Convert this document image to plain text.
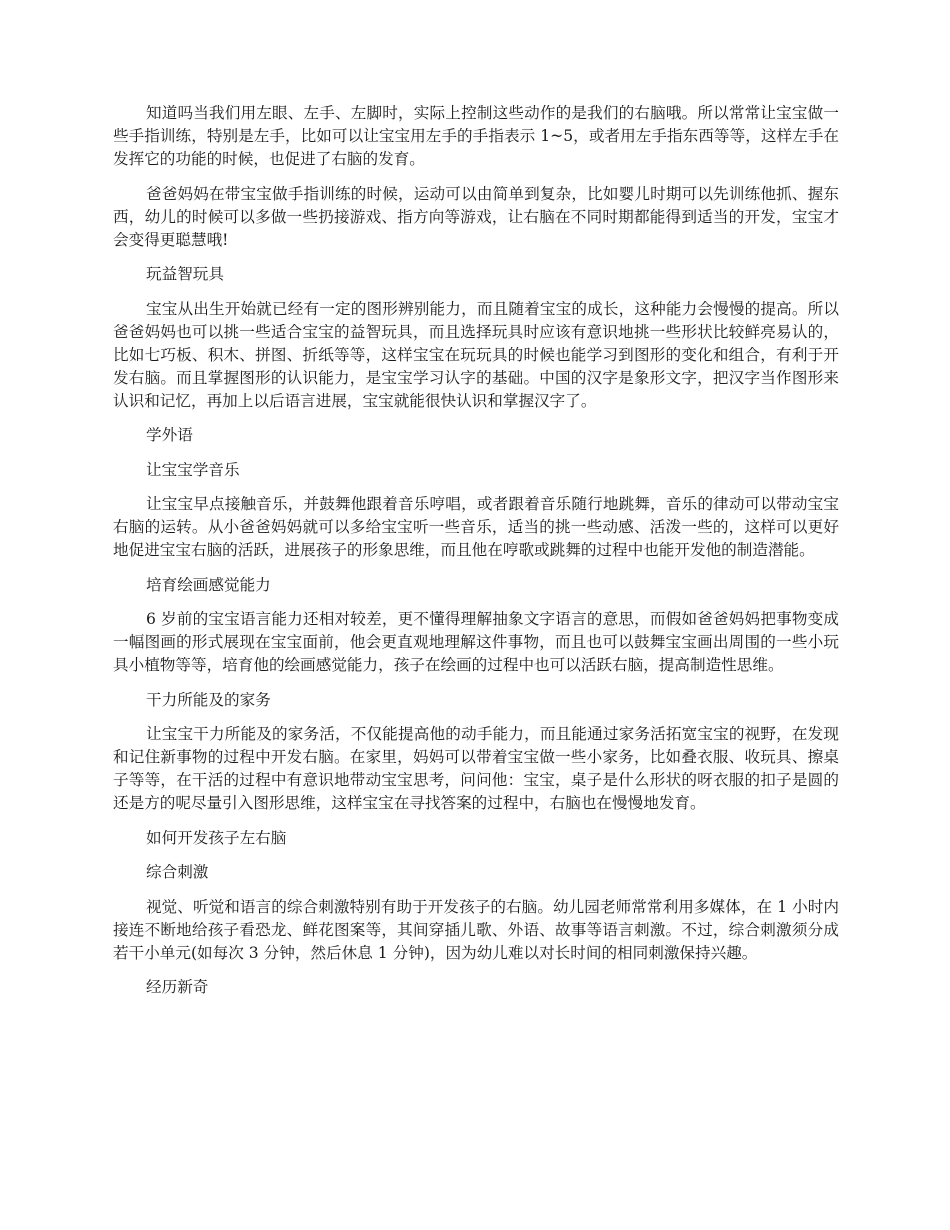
知道吗当我们用左眼、左手、左脚时，实际上控制这些动作的是我们的右脑哦。所以常常让宝宝做一些手指训练，特别是左手，比如可以让宝宝用左手的手指表示 1~5，或者用左手指东西等等，这样左手在发挥它的功能的时候，也促进了右脑的发育。

爸爸妈妈在带宝宝做手指训练的时候，运动可以由简单到复杂，比如婴儿时期可以先训练他抓、握东西，幼儿的时候可以多做一些扔接游戏、指方向等游戏，让右脑在不同时期都能得到适当的开发，宝宝才会变得更聪慧哦!

玩益智玩具

宝宝从出生开始就已经有一定的图形辨别能力，而且随着宝宝的成长，这种能力会慢慢的提高。所以爸爸妈妈也可以挑一些适合宝宝的益智玩具，而且选择玩具时应该有意识地挑一些形状比较鲜亮易认的，比如七巧板、积木、拼图、折纸等等，这样宝宝在玩玩具的时候也能学习到图形的变化和组合，有利于开发右脑。而且掌握图形的认识能力，是宝宝学习认字的基础。中国的汉字是象形文字，把汉字当作图形来认识和记忆，再加上以后语言进展，宝宝就能很快认识和掌握汉字了。

学外语

让宝宝学音乐

让宝宝早点接触音乐，并鼓舞他跟着音乐哼唱，或者跟着音乐随行地跳舞，音乐的律动可以带动宝宝右脑的运转。从小爸爸妈妈就可以多给宝宝听一些音乐，适当的挑一些动感、活泼一些的，这样可以更好地促进宝宝右脑的活跃，进展孩子的形象思维，而且他在哼歌或跳舞的过程中也能开发他的制造潜能。

培育绘画感觉能力

6 岁前的宝宝语言能力还相对较差，更不懂得理解抽象文字语言的意思，而假如爸爸妈妈把事物变成一幅图画的形式展现在宝宝面前，他会更直观地理解这件事物，而且也可以鼓舞宝宝画出周围的一些小玩具小植物等等，培育他的绘画感觉能力，孩子在绘画的过程中也可以活跃右脑，提高制造性思维。

干力所能及的家务

让宝宝干力所能及的家务活，不仅能提高他的动手能力，而且能通过家务活拓宽宝宝的视野，在发现和记住新事物的过程中开发右脑。在家里，妈妈可以带着宝宝做一些小家务，比如叠衣服、收玩具、擦桌子等等，在干活的过程中有意识地带动宝宝思考，问问他：宝宝，桌子是什么形状的呀衣服的扣子是圆的还是方的呢尽量引入图形思维，这样宝宝在寻找答案的过程中，右脑也在慢慢地发育。

如何开发孩子左右脑

综合刺激

视觉、听觉和语言的综合刺激特别有助于开发孩子的右脑。幼儿园老师常常利用多媒体，在 1 小时内接连不断地给孩子看恐龙、鲜花图案等，其间穿插儿歌、外语、故事等语言刺激。不过，综合刺激须分成若干小单元(如每次 3 分钟，然后休息 1 分钟)，因为幼儿难以对长时间的相同刺激保持兴趣。

经历新奇
